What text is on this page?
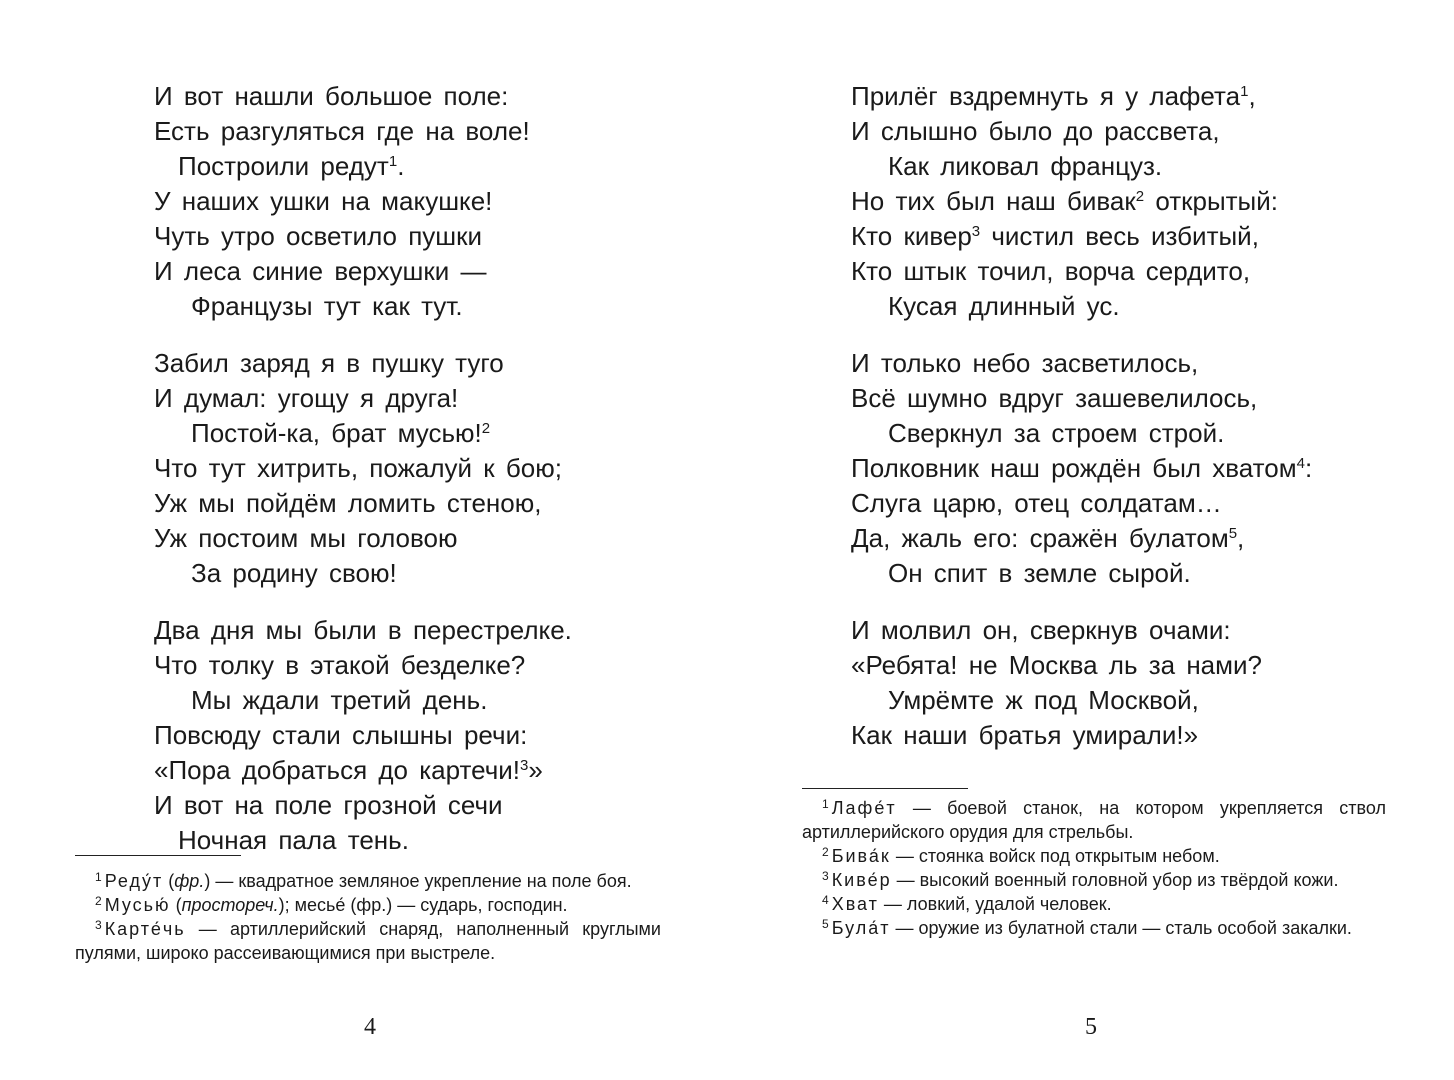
И вот нашли большое поле:
Есть разгуляться где на воле!
Построили редут$^1$.
У наших ушки на макушке!
Чуть утро осветило пушки
И леса синие верхушки —
Французы тут как тут.
Забил заряд я в пушку туго
И думал: угощу я друга!
Постой-ка, брат мусью!$^2$
Что тут хитрить, пожалуй к бою;
Уж мы пойдём ломить стеною,
Уж постоим мы головою
За родину свою!
Два дня мы были в перестрелке.
Что толку в этакой безделке?
Мы ждали третий день.
Повсюду стали слышны речи:
«Пора добраться до картечи!$^3$»
И вот на поле грозной сечи
Ночная пала тень.

$^1$ Реду́т (фр.) — квадратное земляное укрепление на поле боя.

$^2$ Мусью́ (простореч.); месье́ (фр.) — сударь, господин.

$^3$ Карте́чь — артиллерийский снаряд, наполненный круглыми пулями, широко рассеивающимися при выстреле.

4
Прилёг вздремнуть я у лафета$^1$,
И слышно было до рассвета,
Как ликовал француз.
Но тих был наш бивак$^2$ открытый:
Кто кивер$^3$ чистил весь избитый,
Кто штык точил, ворча сердито,
Кусая длинный ус.
И только небо засветилось,
Всё шумно вдруг зашевелилось,
Сверкнул за строем строй.
Полковник наш рождён был хватом$^4$:
Слуга царю, отец солдатам…
Да, жаль его: сражён булатом$^5$,
Он спит в земле сырой.
И молвил он, сверкнув очами:
«Ребята! не Москва ль за нами?
Умрёмте ж под Москвой,
Как наши братья умирали!»

$^1$ Лафе́т — боевой станок, на котором укрепляется ствол артиллерийского орудия для стрельбы.

$^2$ Бива́к — стоянка войск под открытым небом.

$^3$ Киве́р — высокий военный головной убор из твёрдой кожи.

$^4$ Хват — ловкий, удалой человек.

$^5$ Була́т — оружие из булатной стали — сталь особой закалки.

5
